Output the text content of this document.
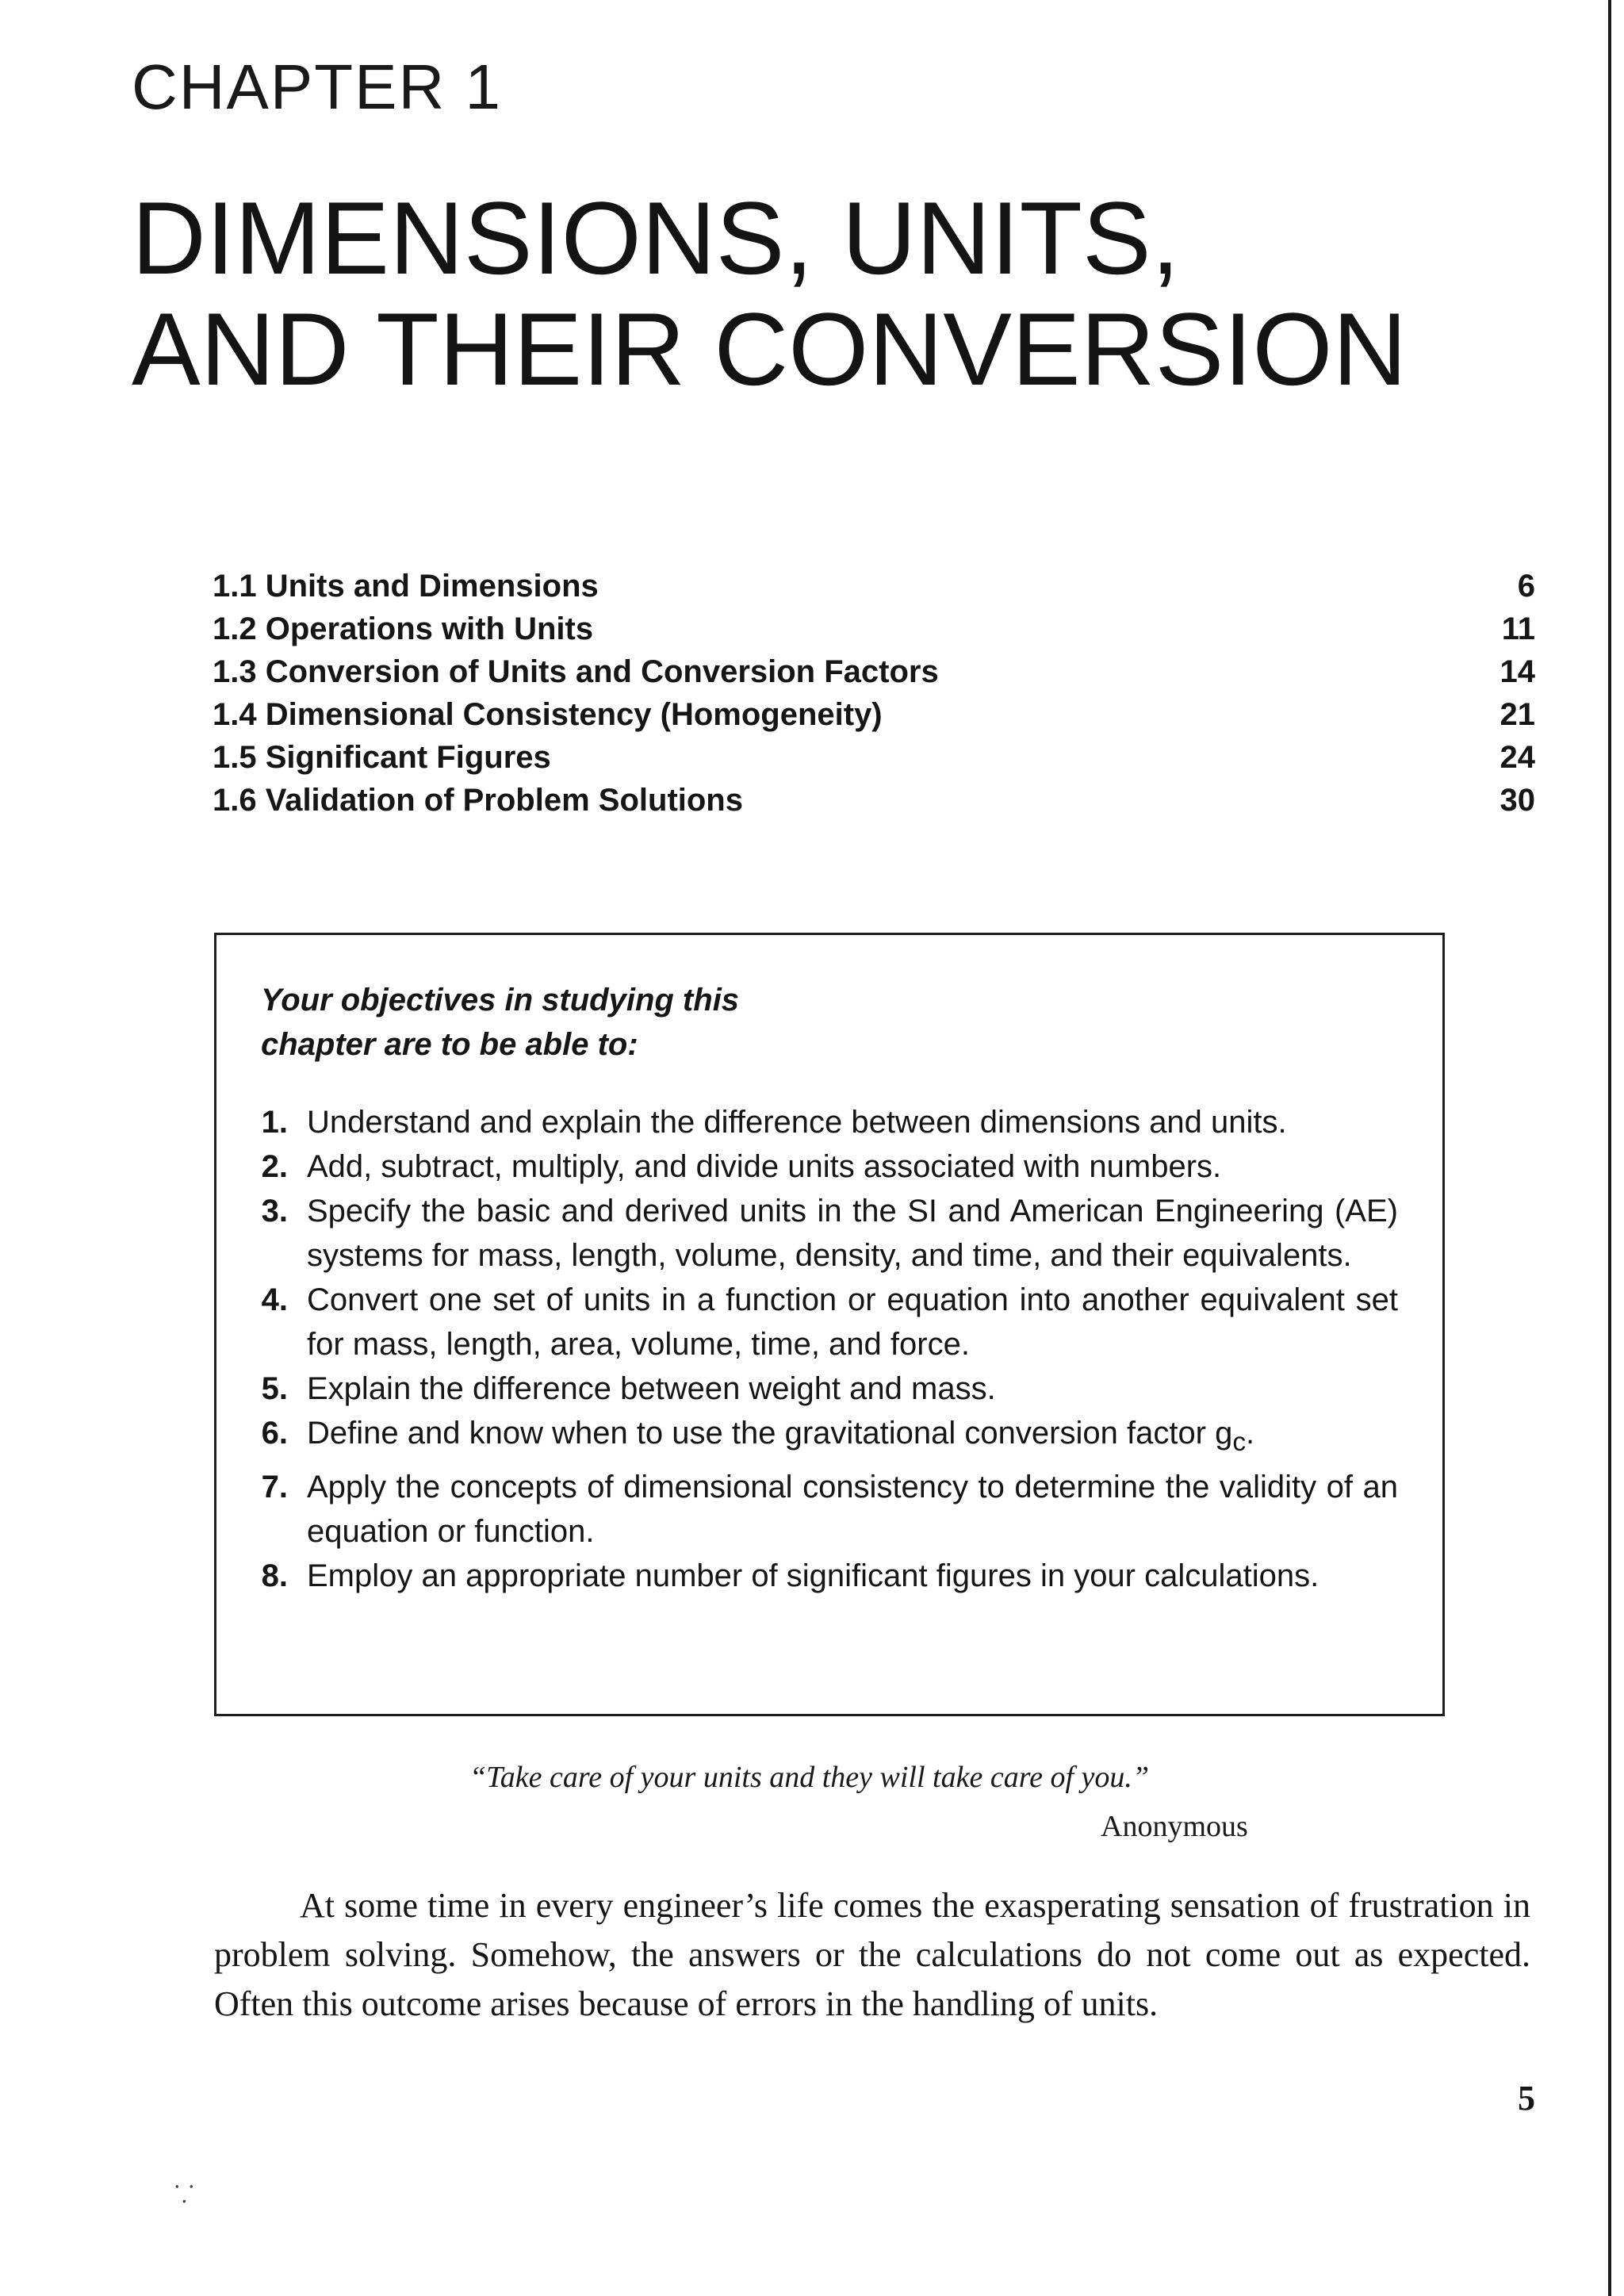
CHAPTER 1
DIMENSIONS, UNITS,
AND THEIR CONVERSION
1.1 Units and Dimensions	6
1.2 Operations with Units	11
1.3 Conversion of Units and Conversion Factors	14
1.4 Dimensional Consistency (Homogeneity)	21
1.5 Significant Figures	24
1.6 Validation of Problem Solutions	30
Your objectives in studying this
chapter are to be able to:
1. Understand and explain the difference between dimensions and units.
2. Add, subtract, multiply, and divide units associated with numbers.
3. Specify the basic and derived units in the SI and American Engineering (AE) systems for mass, length, volume, density, and time, and their equivalents.
4. Convert one set of units in a function or equation into another equivalent set for mass, length, area, volume, time, and force.
5. Explain the difference between weight and mass.
6. Define and know when to use the gravitational conversion factor $g_c$.
7. Apply the concepts of dimensional consistency to determine the validity of an equation or function.
8. Employ an appropriate number of significant figures in your calculations.
“Take care of your units and they will take care of you.”
Anonymous

At some time in every engineer’s life comes the exasperating sensation of frustration in problem solving. Somehow, the answers or the calculations do not come out as expected. Often this outcome arises because of errors in the handling of units.

5
⸪
